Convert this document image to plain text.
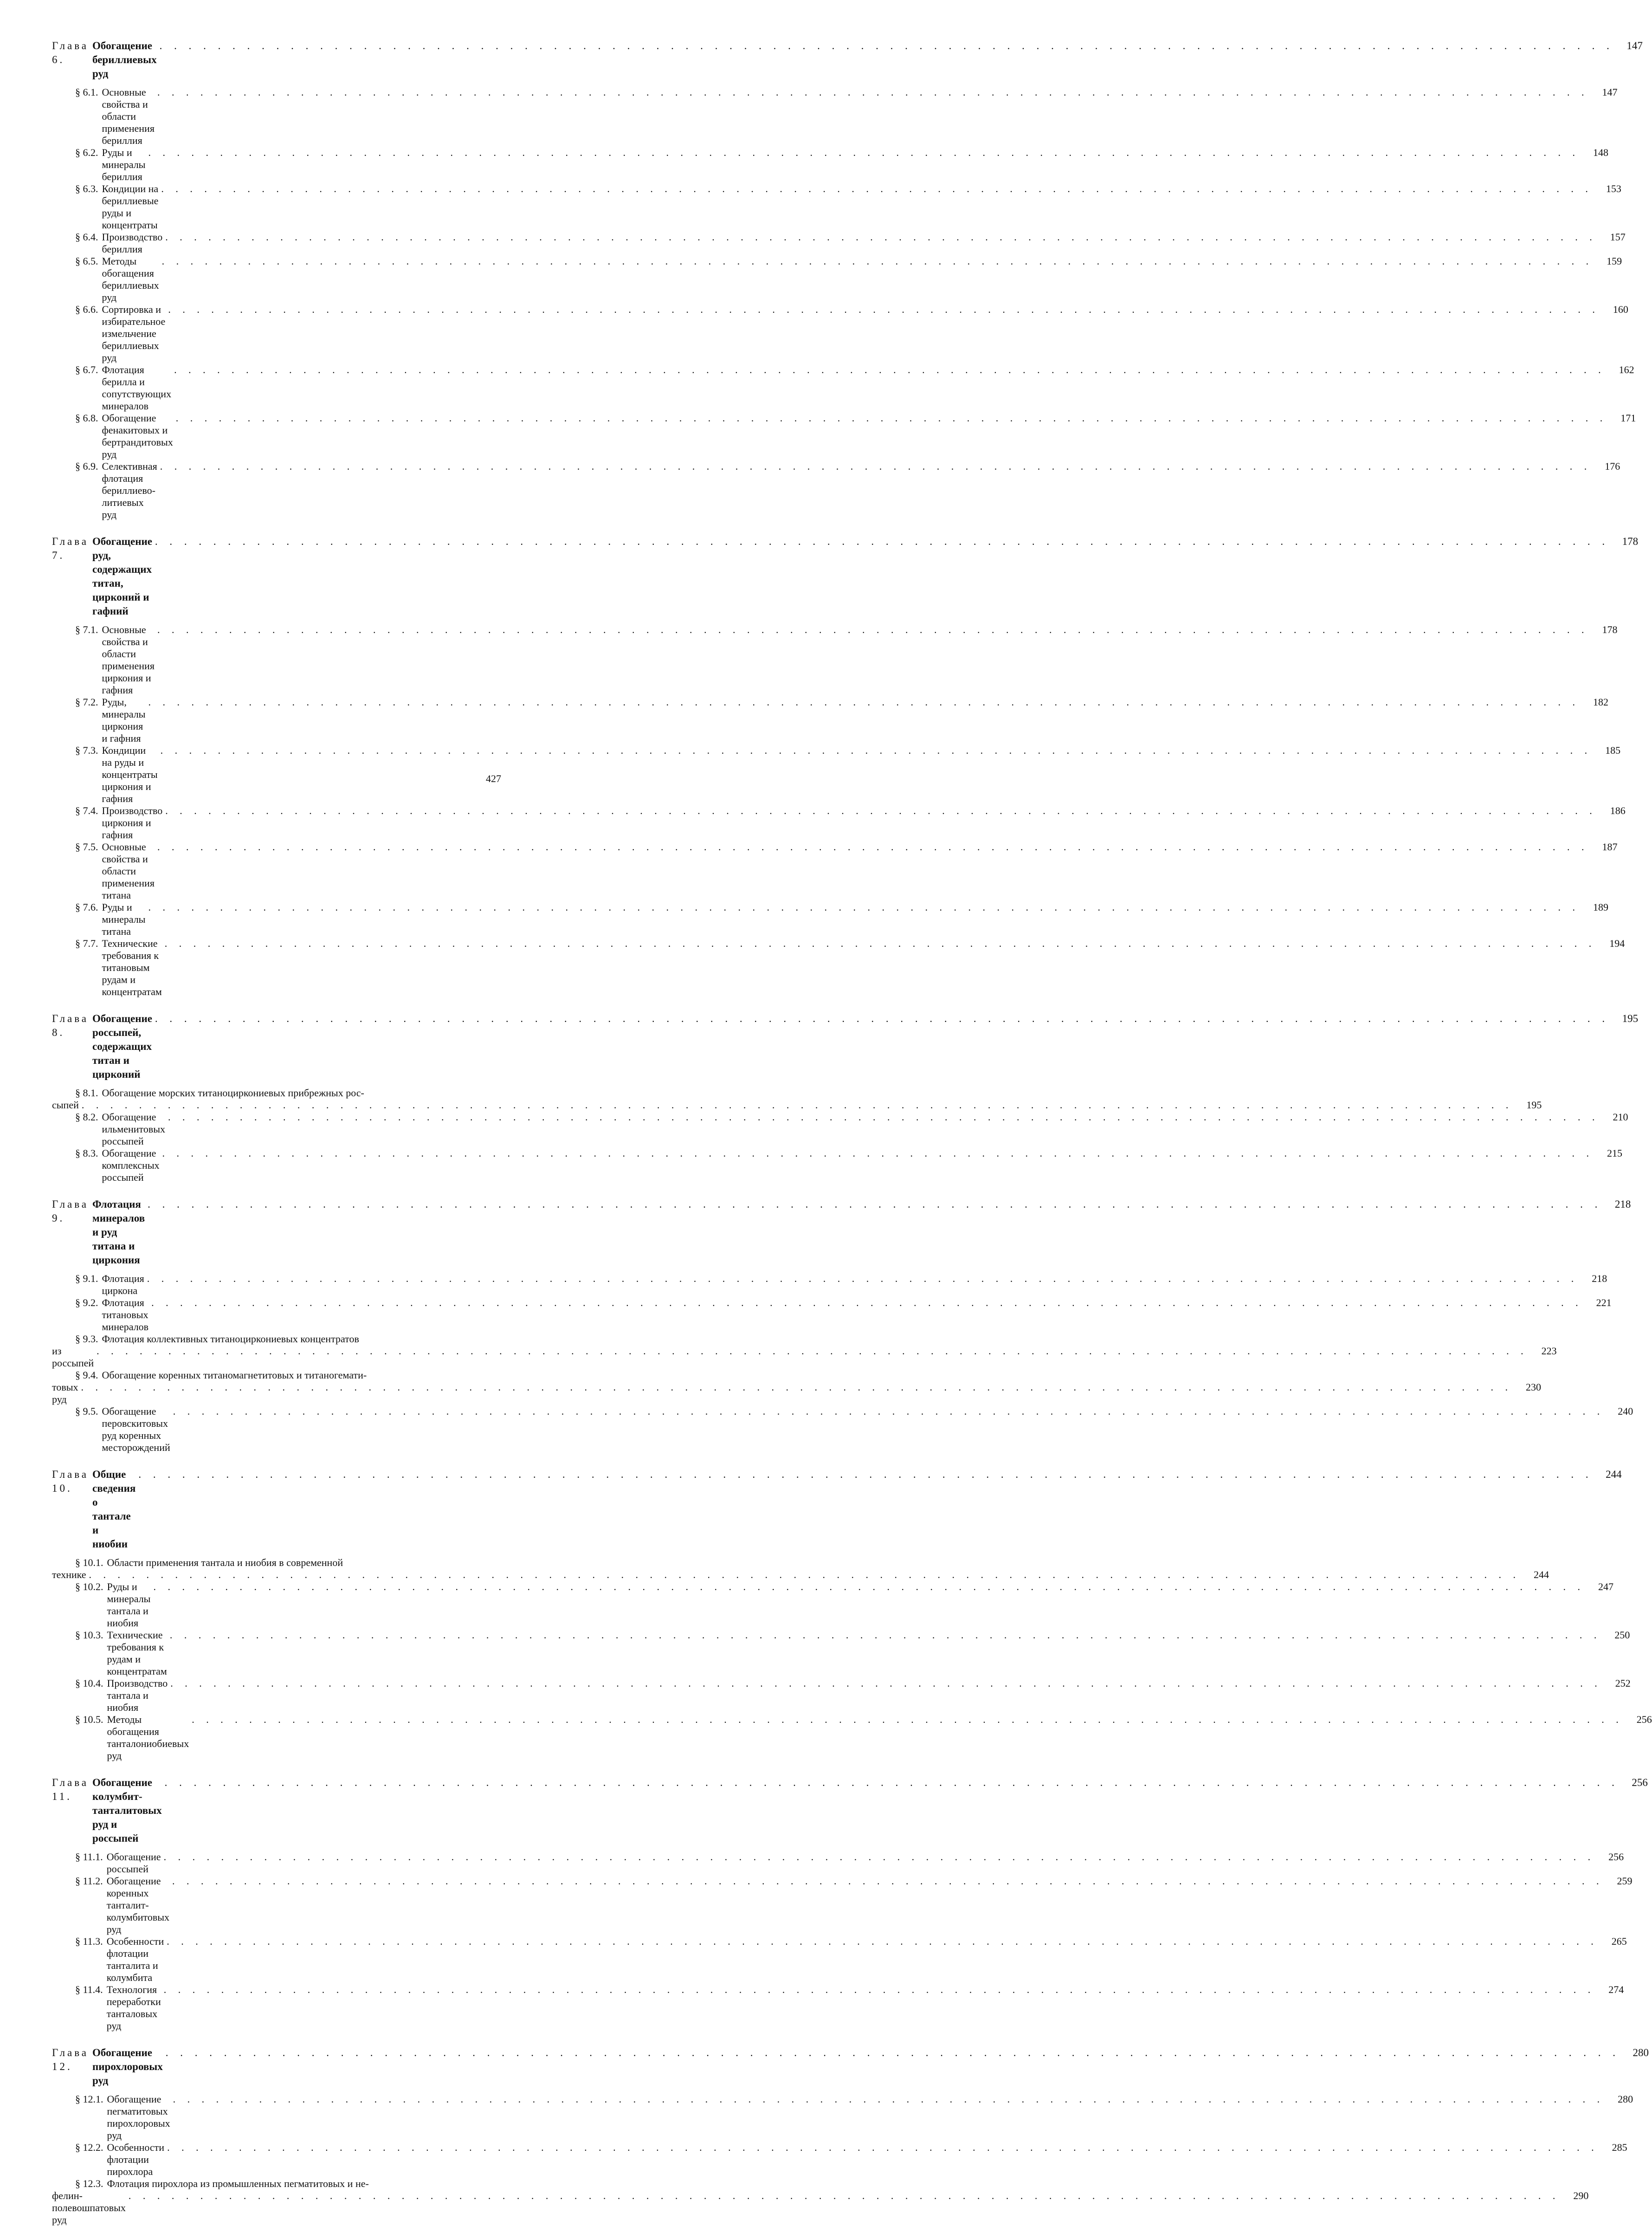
Глава 6.
Обогащение бериллиевых руд
. . .
147
§ 6.1. Основные свойства и области применения бериллия
. . .
147
§ 6.2. Руды и минералы бериллия
. . .
148
§ 6.3. Кондиции на бериллиевые руды и концентраты
. . .
153
§ 6.4. Производство бериллия
. . .
157
§ 6.5. Методы обогащения бериллиевых руд
. . .
159
§ 6.6. Сортировка и избирательное измельчение бериллиевых руд
. . .
160
§ 6.7. Флотация берилла и сопутствующих минералов
. . .
162
§ 6.8. Обогащение фенакитовых и бертрандитовых руд
. . .
171
§ 6.9. Селективная флотация бериллиево-литиевых руд
. . .
176
Глава 7.
Обогащение руд, содержащих титан, цирконий и гафний
. . .
178
§ 7.1. Основные свойства и области применения циркония и гафния
. . .
178
§ 7.2. Руды, минералы циркония и гафния
. . .
182
§ 7.3. Кондиции на руды и концентраты циркония и гафния
. . .
185
§ 7.4. Производство циркония и гафния
. . .
186
§ 7.5. Основные свойства и области применения титана
. . .
187
§ 7.6. Руды и минералы титана
. . .
189
§ 7.7. Технические требования к титановым рудам и концентратам
. . .
194
Глава 8.
Обогащение россыпей, содержащих титан и цирконий
. . .
195
§ 8.1. Обогащение морских титаноциркониевых прибрежных рос-
сыпей
. . .	195
§ 8.2. Обогащение ильменитовых россыпей
. . .
210
§ 8.3. Обогащение комплексных россыпей
. . .
215
Глава 9.
Флотация минералов и руд титана и циркония
. . .
218
§ 9.1. Флотация циркона
. . .
218
§ 9.2. Флотация титановых минералов
. . .
221
§ 9.3. Флотация коллективных титаноциркониевых концентратов
из россыпей
. . .
223
§ 9.4. Обогащение коренных титаномагнетитовых и титаногемати-
товых руд
. . .
230
§ 9.5. Обогащение перовскитовых руд коренных месторождений
. . .
240
Глава 10.
Общие сведения о тантале и ниобии
. . .
244
§ 10.1. Области применения тантала и ниобия в современной
технике
. . .	244
§ 10.2. Руды и минералы тантала и ниобия
. . .
247
§ 10.3. Технические требования к рудам и концентратам
. . .
250
§ 10.4. Производство тантала и ниобия
. . .
252
§ 10.5. Методы обогащения танталониобиевых руд
. . .
256
Глава 11.
Обогащение колумбит-танталитовых руд и россыпей
. . .
256
§ 11.1. Обогащение россыпей
. . .
256
§ 11.2. Обогащение коренных танталит-колумбитовых руд
. . .
259
§ 11.3. Особенности флотации танталита и колумбита
. . .
265
§ 11.4. Технология переработки танталовых руд
. . .
274
Глава 12.
Обогащение пирохлоровых руд
. . .
280
§ 12.1. Обогащение пегматитовых пирохлоровых руд
. . .
280
§ 12.2. Особенности флотации пирохлора
. . .
285
§ 12.3. Флотация пирохлора из промышленных пегматитовых и не-
фелин-полевошпатовых руд
. . .
290
427
